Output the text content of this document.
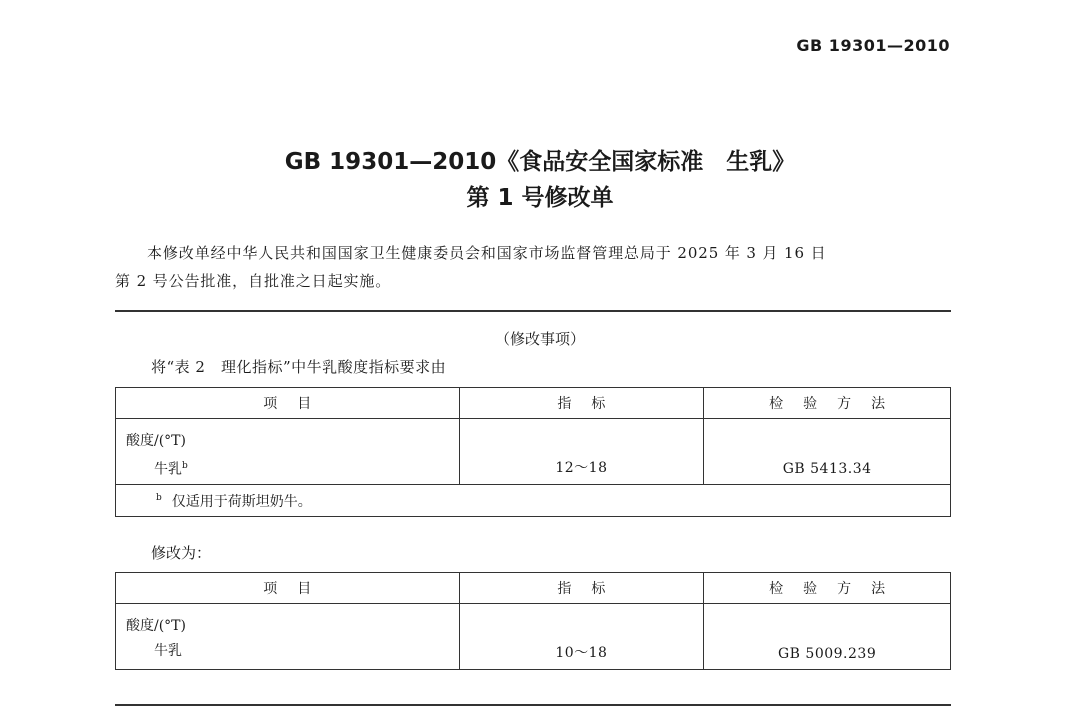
GB 19301—2010
GB 19301—2010《食品安全国家标准　生乳》
第 1 号修改单
本修改单经中华人民共和国国家卫生健康委员会和国家市场监督管理总局于 2025 年 3 月 16 日
第 2 号公告批准，自批准之日起实施。
（修改事项）
将“表 2　理化指标”中牛乳酸度指标要求由
项目	指标	检验方法

酸度/(°T)
牛乳$^b$	12～18	GB 5413.34
$^b$ 仅适用于荷斯坦奶牛。		
修改为：
项目	指标	检验方法

酸度/(°T)
牛乳	10～18	GB 5009.239
